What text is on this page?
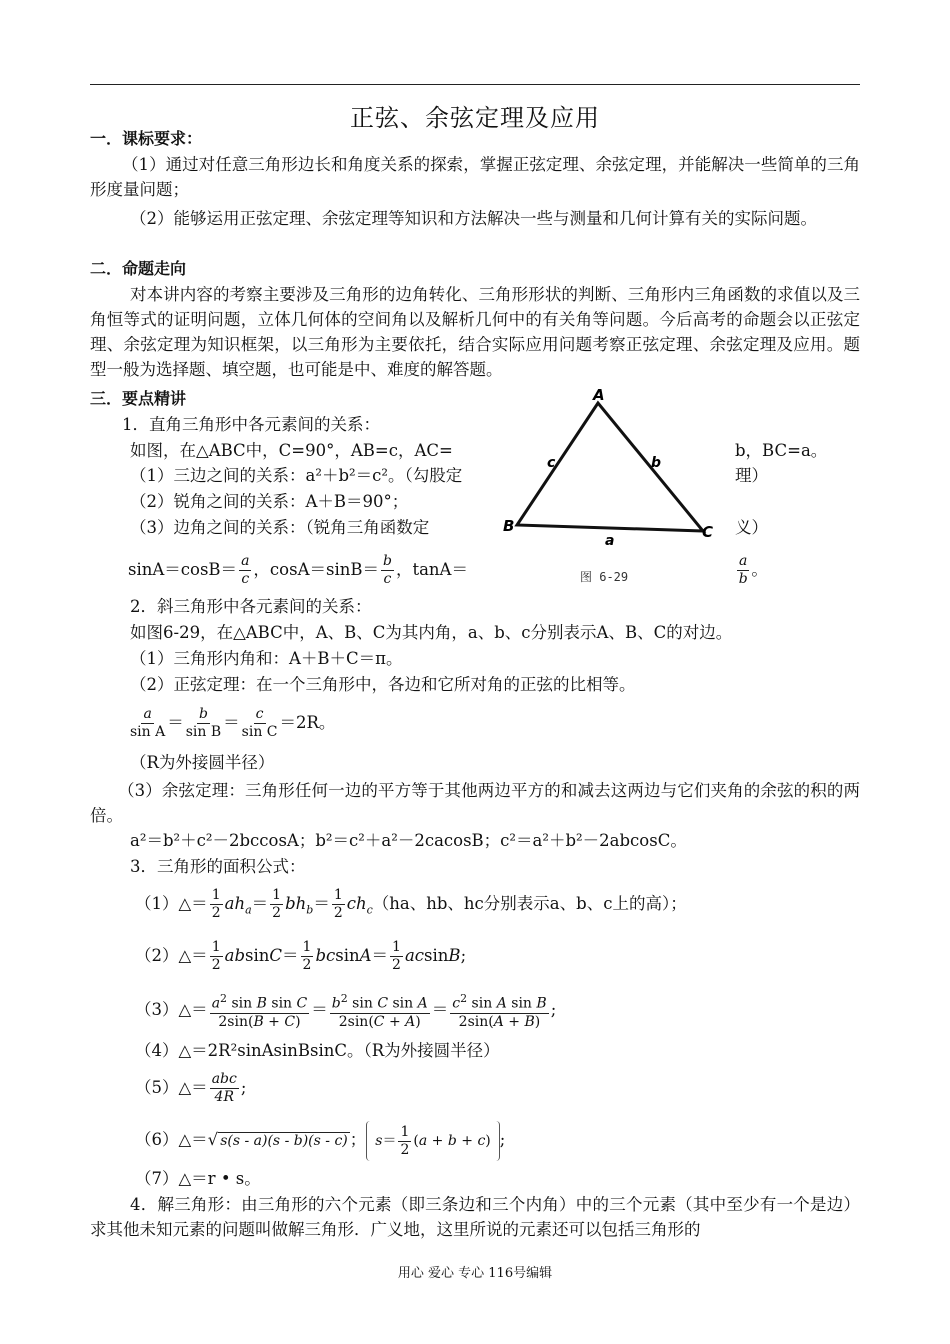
正弦、余弦定理及应用
一．课标要求：
（1）通过对任意三角形边长和角度关系的探索，掌握正弦定理、余弦定理，并能解决一些简单的三角形度量问题；
（2）能够运用正弦定理、余弦定理等知识和方法解决一些与测量和几何计算有关的实际问题。
二．命题走向
对本讲内容的考察主要涉及三角形的边角转化、三角形形状的判断、三角形内三角函数的求值以及三角恒等式的证明问题，立体几何体的空间角以及解析几何中的有关角等问题。今后高考的命题会以正弦定理、余弦定理为知识框架，以三角形为主要依托，结合实际应用问题考察正弦定理、余弦定理及应用。题型一般为选择题、填空题，也可能是中、难度的解答题。
三．要点精讲
1．直角三角形中各元素间的关系：
如图，在△ABC中，C=90°，AB=c，AC=	b，BC=a。
（1）三边之间的关系：a²＋b²＝c²。（勾股定	理）
（2）锐角之间的关系：A＋B＝90°；
（3）边角之间的关系：（锐角三角函数定	义）
$\sin A=\cos B= \frac{a}{c}$ ，$\cos A=\sin B= \frac{b}{c}$ ，tanA＝	$\frac{a}{b}$ 。
A
B	C
c	b
a
图 6-29
2．斜三角形中各元素间的关系：
如图6-29，在△ABC中，A、B、C为其内角，a、b、c分别表示A、B、C的对边。
（1）三角形内角和：A＋B＋C＝π。
（2）正弦定理：在一个三角形中，各边和它所对角的正弦的比相等。
$\frac{a}{\text{sin A}} = \frac{b}{\text{sin B}} = \frac{c}{\text{sin C}} =2R$。
（R为外接圆半径）
（3）余弦定理：三角形任何一边的平方等于其他两边平方的和减去这两边与它们夹角的余弦的积的两倍。
a²＝b²＋c²－2bccosA；b²＝c²＋a²－2cacosB；c²＝a²＋b²－2abcosC。
3．三角形的面积公式：
（1）△＝ $\frac{1}{2} ah_a= \frac{1}{2} bh_b= \frac{1}{2} ch_c(ha$、hb、hc分别表示a、b、c上的高）；
（2）△＝ $\frac{1}{2} absinC= \frac{1}{2} bcsinA= \frac{1}{2} acsinB$;
（3）△＝ $\frac{a^2 \sin B \sin C}{2\sin(B + C)} = \frac{b^2 \sin C \sin A}{2\sin(C + A)} = \frac{c^2 \sin A \sin B}{2\sin(A + B)}$ ;
（4）△＝2R²sinAsinBsinC。（R为外接圆半径）
（5）△＝ $\frac{\text{abc}}{4R}$ ;
（6）△＝√ s(s - a)(s - b)(s - c) ； $s= \frac{1}{2} (a + b + c)$ ;
（7）△＝r • s。
4．解三角形：由三角形的六个元素（即三条边和三个内角）中的三个元素（其中至少有一个是边）求其他未知元素的问题叫做解三角形．广义地，这里所说的元素还可以包括三角形的
用心 爱心 专心 116号编辑
